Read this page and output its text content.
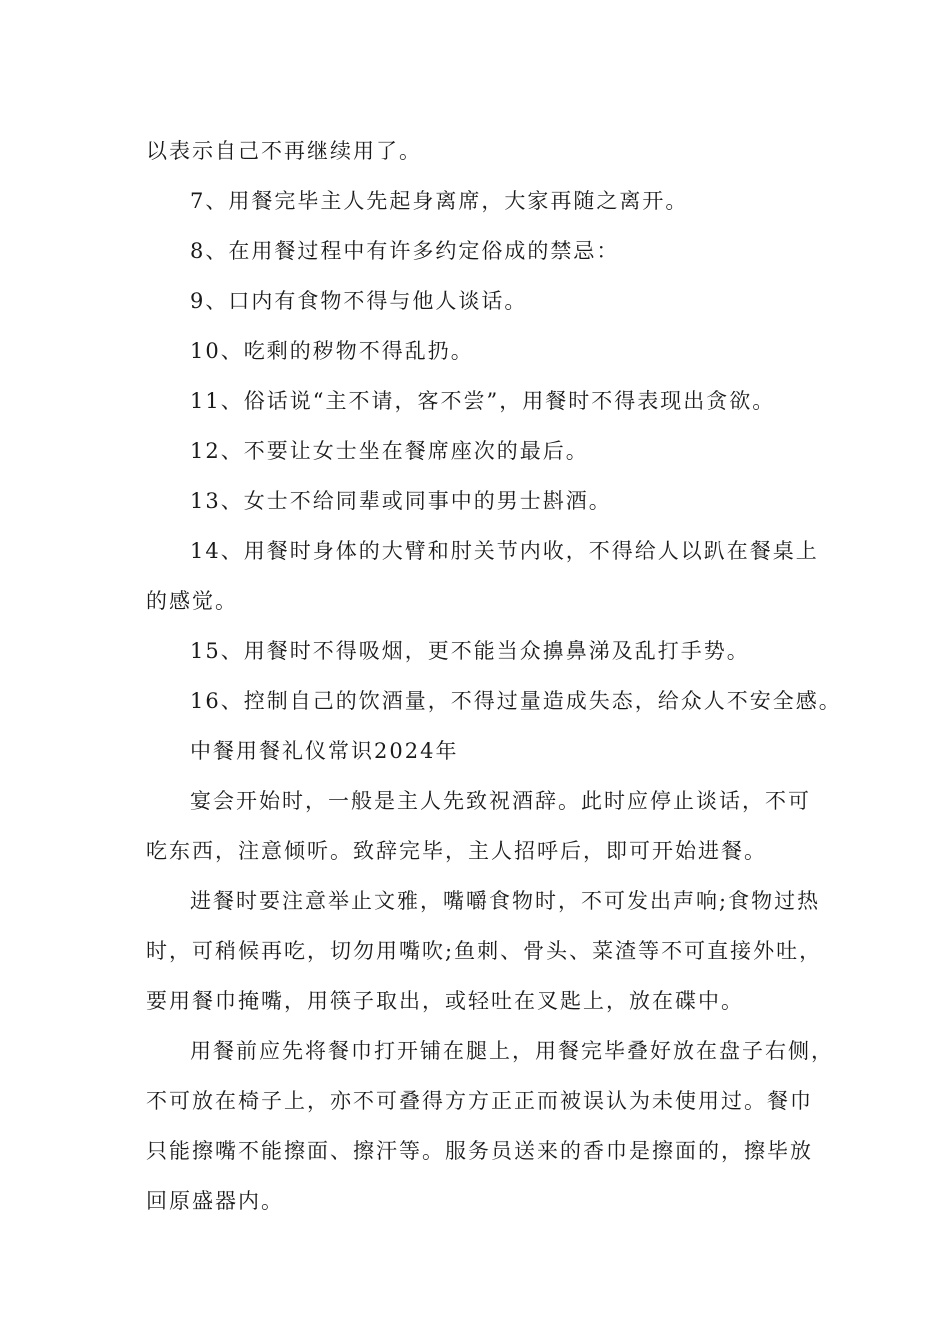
以表示自己不再继续用了。
7、用餐完毕主人先起身离席，大家再随之离开。
8、在用餐过程中有许多约定俗成的禁忌：
9、口内有食物不得与他人谈话。
10、吃剩的秽物不得乱扔。
11、俗话说“主不请，客不尝”，用餐时不得表现出贪欲。
12、不要让女士坐在餐席座次的最后。
13、女士不给同辈或同事中的男士斟酒。
14、用餐时身体的大臂和肘关节内收，不得给人以趴在餐桌上
的感觉。
15、用餐时不得吸烟，更不能当众擤鼻涕及乱打手势。
16、控制自己的饮酒量，不得过量造成失态，给众人不安全感。
中餐用餐礼仪常识2024年
宴会开始时，一般是主人先致祝酒辞。此时应停止谈话，不可
吃东西，注意倾听。致辞完毕，主人招呼后，即可开始进餐。
进餐时要注意举止文雅，嘴嚼食物时，不可发出声响;食物过热
时，可稍候再吃，切勿用嘴吹;鱼刺、骨头、菜渣等不可直接外吐，
要用餐巾掩嘴，用筷子取出，或轻吐在叉匙上，放在碟中。
用餐前应先将餐巾打开铺在腿上，用餐完毕叠好放在盘子右侧，
不可放在椅子上，亦不可叠得方方正正而被误认为未使用过。餐巾
只能擦嘴不能擦面、擦汗等。服务员送来的香巾是擦面的，擦毕放
回原盛器内。
